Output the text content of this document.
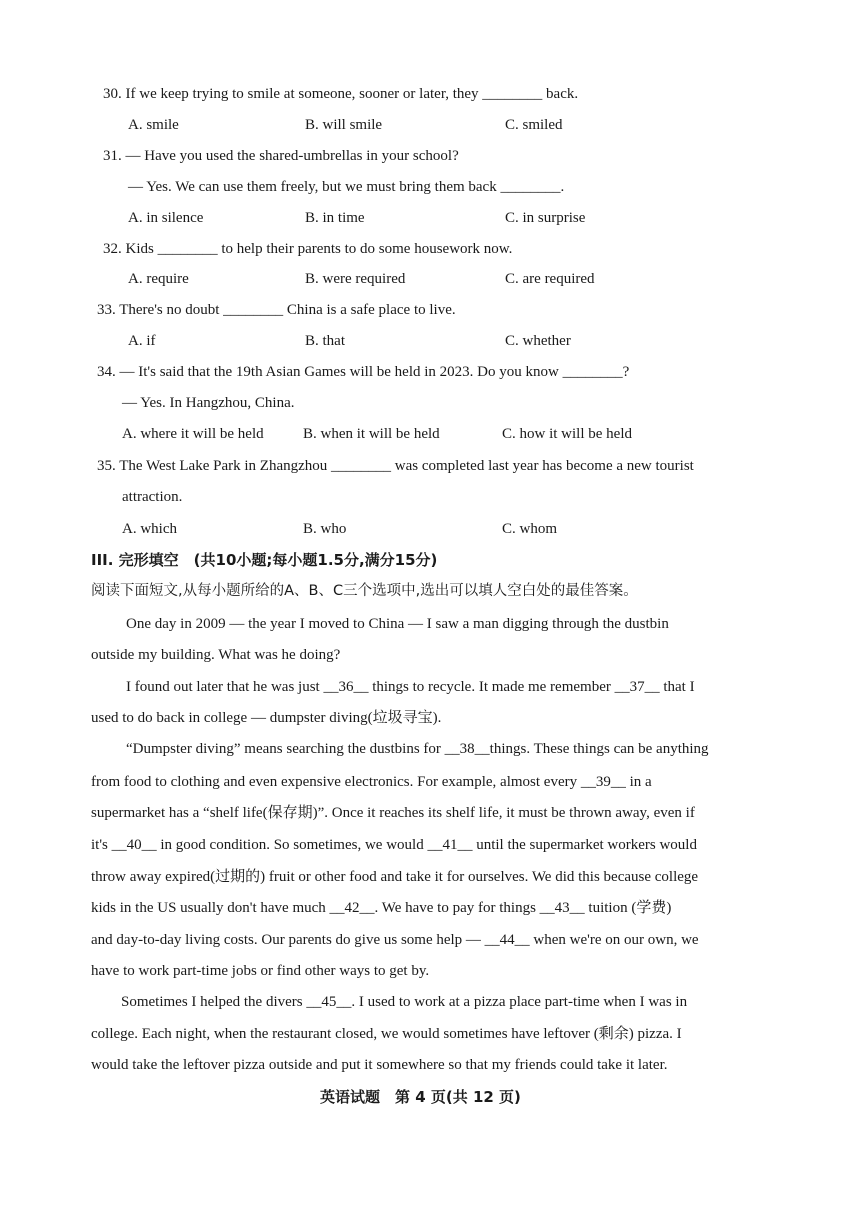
30. If we keep trying to smile at someone, sooner or later, they ________ back.
A. smile	B. will smile	C. smiled
31. — Have you used the shared-umbrellas in your school?
— Yes. We can use them freely, but we must bring them back ________.
A. in silence	B. in time	C. in surprise
32. Kids ________ to help their parents to do some housework now.
A. require	B. were required	C. are required
33. There's no doubt ________ China is a safe place to live.
A. if	B. that	C. whether
34. — It's said that the 19th Asian Games will be held in 2023. Do you know ________?
— Yes. In Hangzhou, China.
A. where it will be held	B. when it will be held	C. how it will be held
35. The West Lake Park in Zhangzhou ________ was completed last year has become a new tourist
attraction.
A. which	B. who	C. whom
III. 完形填空　(共10小题;每小题1.5分,满分15分)
阅读下面短文,从每小题所给的A、B、C三个选项中,选出可以填人空白处的最佳答案。
One day in 2009 — the year I moved to China — I saw a man digging through the dustbin
outside my building. What was he doing?
I found out later that he was just __36__ things to recycle. It made me remember __37__ that I
used to do back in college — dumpster diving(垃圾寻宝).
“Dumpster diving” means searching the dustbins for __38__things. These things can be anything
from food to clothing and even expensive electronics. For example, almost every __39__ in a
supermarket has a “shelf life(保存期)”. Once it reaches its shelf life, it must be thrown away, even if
it's __40__ in good condition. So sometimes, we would __41__ until the supermarket workers would
throw away expired(过期的) fruit or other food and take it for ourselves. We did this because college
kids in the US usually don't have much __42__. We have to pay for things __43__ tuition (学费)
and day-to-day living costs. Our parents do give us some help — __44__ when we're on our own, we
have to work part-time jobs or find other ways to get by.
Sometimes I helped the divers __45__. I used to work at a pizza place part-time when I was in
college. Each night, when the restaurant closed, we would sometimes have leftover (剩余) pizza. I
would take the leftover pizza outside and put it somewhere so that my friends could take it later.
英语试题　第 4 页(共 12 页)
